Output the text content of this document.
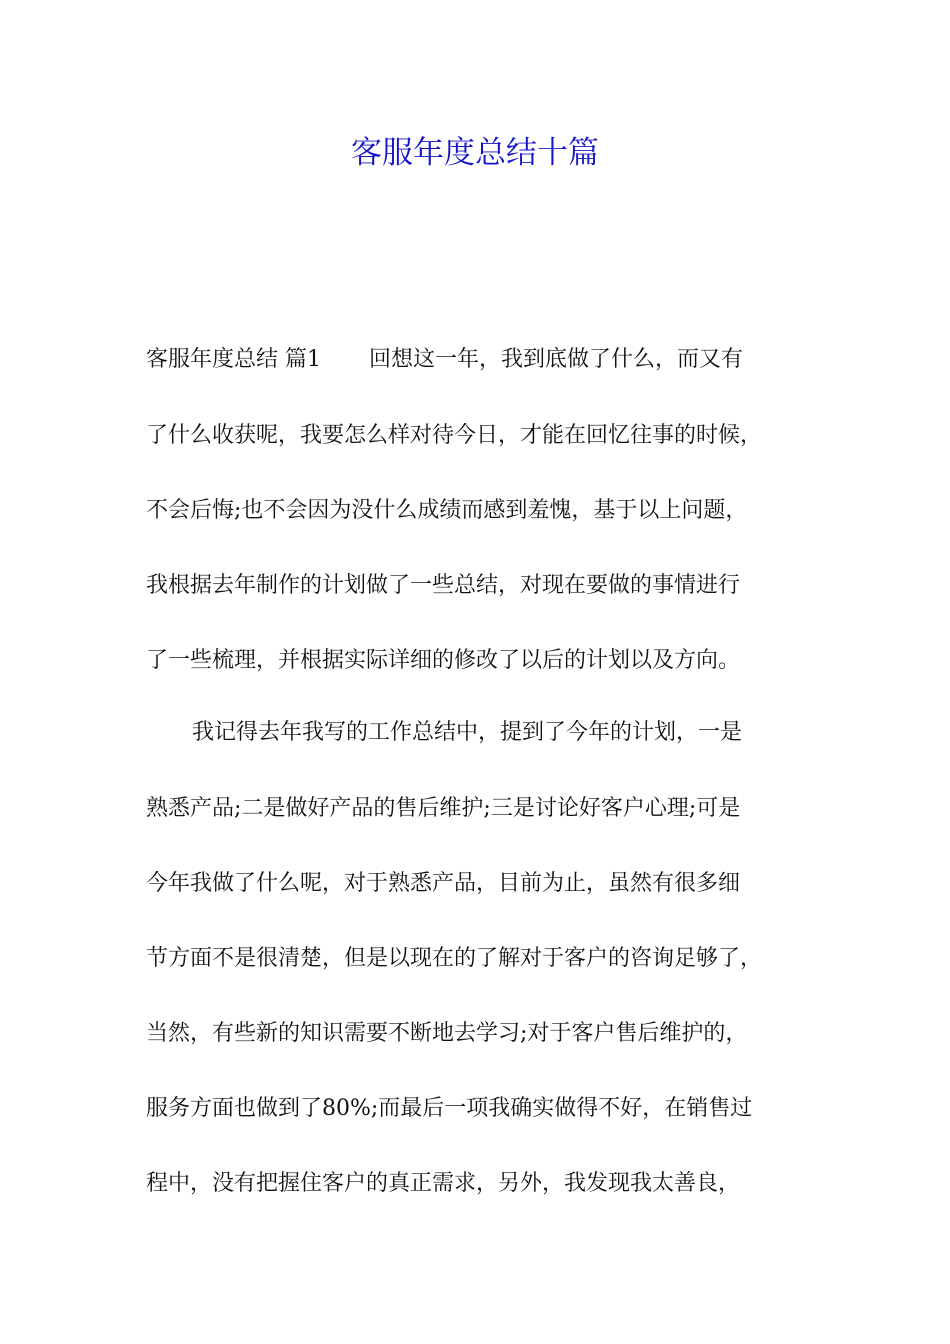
客服年度总结十篇

客服年度总结 篇1 回想这一年，我到底做了什么，而又有

了什么收获呢，我要怎么样对待今日，才能在回忆往事的时候，

不会后悔;也不会因为没什么成绩而感到羞愧，基于以上问题，

我根据去年制作的计划做了一些总结，对现在要做的事情进行

了一些梳理，并根据实际详细的修改了以后的计划以及方向。

我记得去年我写的工作总结中，提到了今年的计划，一是

熟悉产品;二是做好产品的售后维护;三是讨论好客户心理;可是

今年我做了什么呢，对于熟悉产品，目前为止，虽然有很多细

节方面不是很清楚，但是以现在的了解对于客户的咨询足够了，

当然，有些新的知识需要不断地去学习;对于客户售后维护的，

服务方面也做到了80%;而最后一项我确实做得不好，在销售过

程中，没有把握住客户的真正需求，另外，我发现我太善良，
